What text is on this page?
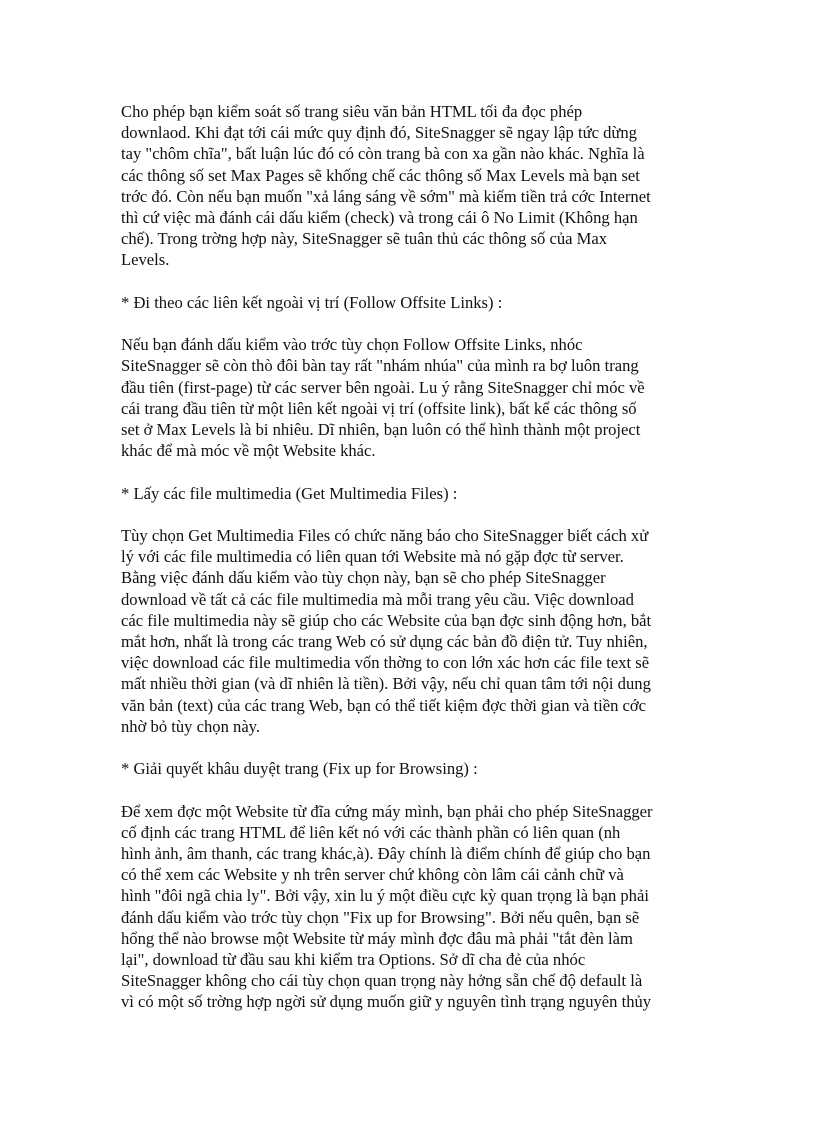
Cho phép bạn kiểm soát số trang siêu văn bản HTML tối đa đọc phép
downlaod. Khi đạt tới cái mức quy định đó, SiteSnagger sẽ ngay lập tức dừng
tay "chôm chĩa", bất luận lúc đó có còn trang bà con xa gần nào khác. Nghĩa là
các thông số set Max Pages sẽ khống chế các thông số Max Levels mà bạn set
trớc đó. Còn nếu bạn muốn "xả láng sáng về sớm" mà kiếm tiền trả cớc Internet
thì cứ việc mà đánh cái dấu kiểm (check) và trong cái ô No Limit (Không hạn
chế). Trong trờng hợp này, SiteSnagger sẽ tuân thủ các thông số của Max
Levels.

* Đi theo các liên kết ngoài vị trí (Follow Offsite Links) :

Nếu bạn đánh dấu kiểm vào trớc tùy chọn Follow Offsite Links, nhóc
SiteSnagger sẽ còn thò đôi bàn tay rất "nhám nhúa" của mình ra bợ luôn trang
đầu tiên (first-page) từ các server bên ngoài. Lu ý rằng SiteSnagger chỉ móc về
cái trang đầu tiên từ một liên kết ngoài vị trí (offsite link), bất kể các thông số
set ở Max Levels là bi nhiêu. Dĩ nhiên, bạn luôn có thể hình thành một project
khác để mà móc về một Website khác.

* Lấy các file multimedia (Get Multimedia Files) :

Tùy chọn Get Multimedia Files có chức năng báo cho SiteSnagger biết cách xử
lý với các file multimedia có liên quan tới Website mà nó gặp đợc từ server.
Bằng việc đánh dấu kiểm vào tùy chọn này, bạn sẽ cho phép SiteSnagger
download về tất cả các file multimedia mà mỗi trang yêu cầu. Việc download
các file multimedia này sẽ giúp cho các Website của bạn đợc sinh động hơn, bắt
mắt hơn, nhất là trong các trang Web có sử dụng các bản đồ điện tử. Tuy nhiên,
việc download các file multimedia vốn thờng to con lớn xác hơn các file text sẽ
mất nhiều thời gian (và dĩ nhiên là tiền). Bởi vậy, nếu chỉ quan tâm tới nội dung
văn bản (text) của các trang Web, bạn có thể tiết kiệm đợc thời gian và tiền cớc
nhờ bỏ tùy chọn này.

* Giải quyết khâu duyệt trang (Fix up for Browsing) :

Để xem đợc một Website từ đĩa cứng máy mình, bạn phải cho phép SiteSnagger
cố định các trang HTML để liên kết nó với các thành phần có liên quan (nh
hình ảnh, âm thanh, các trang khác,à). Đây chính là điểm chính để giúp cho bạn
có thể xem các Website y nh trên server chứ không còn lâm cái cảnh chữ và
hình "đôi ngã chia ly". Bởi vậy, xin lu ý một điều cực kỳ quan trọng là bạn phải
đánh dấu kiểm vào trớc tùy chọn "Fix up for Browsing". Bởi nếu quên, bạn sẽ
hổng thể nào browse một Website từ máy mình đợc đâu mà phải "tắt đèn làm
lại", download từ đầu sau khi kiểm tra Options. Sở dĩ cha đẻ của nhóc
SiteSnagger không cho cái tùy chọn quan trọng này hởng sẵn chế độ default là
vì có một số trờng hợp ngời sử dụng muốn giữ y nguyên tình trạng nguyên thủy
